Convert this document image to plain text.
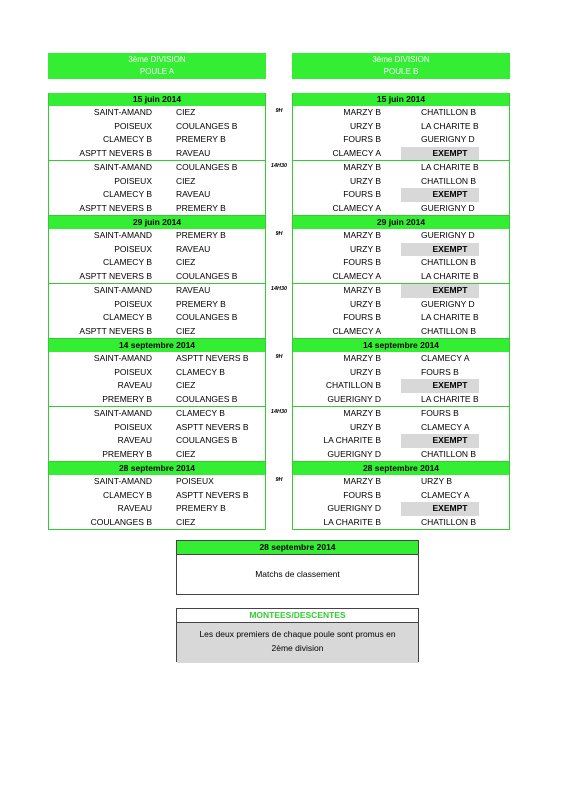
3ème DIVISION
POULE A
15 juin 2014
SAINT-AMAND	CIEZ
POISEUX	COULANGES B
CLAMECY B	PREMERY B
ASPTT NEVERS B	RAVEAU
SAINT-AMAND	COULANGES B
POISEUX	CIEZ
CLAMECY B	RAVEAU
ASPTT NEVERS B	PREMERY B
29 juin 2014
SAINT-AMAND	PREMERY B
POISEUX	RAVEAU
CLAMECY B	CIEZ
ASPTT NEVERS B	COULANGES B
SAINT-AMAND	RAVEAU
POISEUX	PREMERY B
CLAMECY B	COULANGES B
ASPTT NEVERS B	CIEZ
14 septembre 2014
SAINT-AMAND	ASPTT NEVERS B
POISEUX	CLAMECY B
RAVEAU	CIEZ
PREMERY B	COULANGES B
SAINT-AMAND	CLAMECY B
POISEUX	ASPTT NEVERS B
RAVEAU	COULANGES B
PREMERY B	CIEZ
28 septembre 2014
SAINT-AMAND	POISEUX
CLAMECY B	ASPTT NEVERS B
RAVEAU	PREMERY B
COULANGES B	CIEZ
3ème DIVISION
POULE B
15 juin 2014
MARZY B	CHATILLON B
URZY B	LA CHARITE B
FOURS B	GUERIGNY D
CLAMECY A	EXEMPT
MARZY B	LA CHARITE B
URZY B	CHATILLON B
FOURS B	EXEMPT
CLAMECY A	GUERIGNY D
29 juin 2014
MARZY B	GUERIGNY D
URZY B	EXEMPT
FOURS B	CHATILLON B
CLAMECY A	LA CHARITE B
MARZY B	EXEMPT
URZY B	GUERIGNY D
FOURS B	LA CHARITE B
CLAMECY A	CHATILLON B
14 septembre 2014
MARZY B	CLAMECY A
URZY B	FOURS B
CHATILLON B	EXEMPT
GUERIGNY D	LA CHARITE B
MARZY B	FOURS B
URZY B	CLAMECY A
LA CHARITE B	EXEMPT
GUERIGNY D	CHATILLON B
28 septembre 2014
MARZY B	URZY B
FOURS B	CLAMECY A
GUERIGNY D	EXEMPT
LA CHARITE B	CHATILLON B
9H
14H30
9H
14H30
9H
14H30
9H
28 septembre 2014
Matchs de classement
MONTEES/DESCENTES
Les deux premiers de chaque poule sont promus en
2ème division
